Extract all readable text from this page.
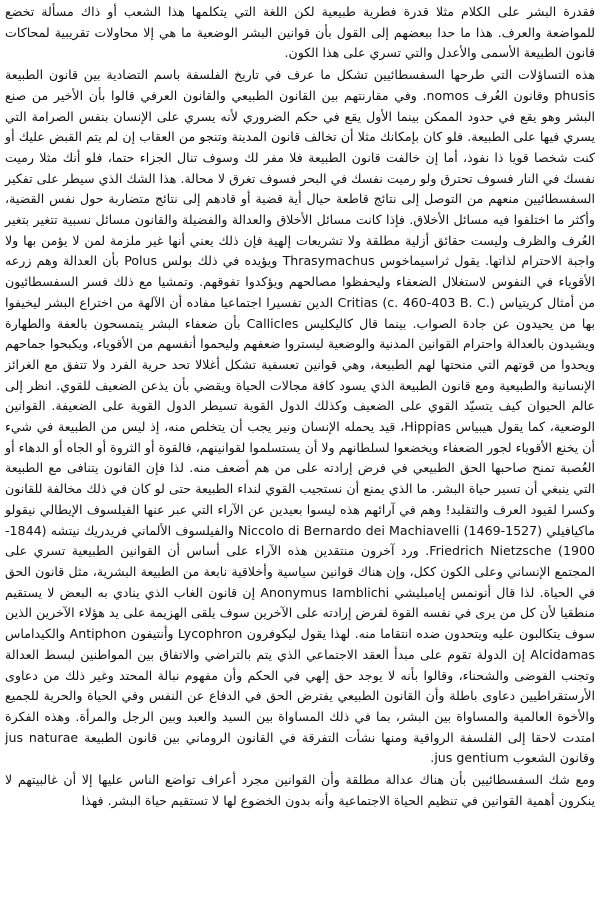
فقدرة البشر على الكلام مثلا قدرة فطرية طبيعية لكن اللغة التي يتكلمها هذا الشعب أو ذاك مسألة تخضع للمواضعة والعرف. هذا ما حدا ببعضهم إلى القول بأن قوانين البشر الوضعية ما هي إلا محاولات تقريبية لمحاكات قانون الطبيعة الأسمى والأعدل والتي تسري على هذا الكون.

هذه التساؤلات التي طرحها السفسطائيين تشكل ما عرف في تاريخ الفلسفة باسم التضادية بين قانون الطبيعة phusis وقانون العُرف nomos. وفي مقارنتهم بين القانون الطبيعي والقانون العرفي قالوا بأن الأخير من صنع البشر وهو يقع في حدود الممكن بينما الأول يقع في حكم الضروري لأنه يسري على الإنسان بنفس الصرامة التي يسري فيها على الطبيعة. فلو كان بإمكانك مثلا أن تخالف قانون المدينة وتنجو من العقاب إن لم يتم القبض عليك أو كنت شخصا قويا ذا نفوذ، أما إن خالفت قانون الطبيعة فلا مفر لك وسوف تنال الجزاء حتما، فلو أنك مثلا رميت نفسك في النار فسوف تحترق ولو رميت نفسك في البحر فسوف تغرق لا محالة. هذا الشك الذي سيطر على تفكير السفسطائيين منعهم من التوصل إلى نتائج قاطعة حيال أية قضية أو قادهم إلى نتائج متضاربة حول نفس القضية، وأكثر ما اختلفوا فيه مسائل الأخلاق. فإذا كانت مسائل الأخلاق والعدالة والفضيلة والقانون مسائل نسبية تتغير بتغير العُرف والظرف وليست حقائق أزلية مطلقة ولا تشريعات إلهية فإن ذلك يعني أنها غير ملزمة لمن لا يؤمن بها ولا واجبة الاحترام لذاتها. يقول ثراسيماخوس Thrasymachus ويؤيده في ذلك بولس Polus بأن العدالة وهم زرعه الأقوياء في النفوس لاستغلال الضعفاء وليحفظوا مصالحهم ويؤكدوا تفوقهم. وتمشيا مع ذلك فسر السفسطائيون من أمثال كريتياس Critias (c. 460-403 B. C.) الدين تفسيرا اجتماعيا مفاده أن الآلهة من اختراع البشر ليخيفوا بها من يحيدون عن جادة الصواب. بينما قال كاليكليس Callicles بأن ضعفاء البشر يتمسحون بالعفة والطهارة ويشيدون بالعدالة واحترام القوانين المدنية والوضعية ليستروا ضعفهم وليحموا أنفسهم من الأقوياء، ويكبحوا جماحهم ويحدوا من قوتهم التي منحتها لهم الطبيعة، وهي قوانين تعسفية تشكل أغلالا تحد حرية الفرد ولا تتفق مع الغرائز الإنسانية والطبيعية ومع قانون الطبيعة الذي يسود كافة مجالات الحياة ويقضي بأن يذعن الضعيف للقوي. انظر إلى عالم الحيوان كيف يتسيّد القوي على الضعيف وكذلك الدول القوية تسيطر الدول القوية على الضعيفة. القوانين الوضعية، كما يقول هيبياس Hippias، قيد يحمله الإنسان ونير يجب أن يتخلص منه، إذ ليس من الطبيعة في شيء أن يخنع الأقوياء لجور الضعفاء ويخضعوا لسلطانهم ولا أن يستسلموا لقوانينهم، فالقوة أو الثروة أو الجاه أو الدهاء أو العُصبة تمنح صاحبها الحق الطبيعي في فرض إرادته على من هم أضعف منه. لذا فإن القانون يتنافى مع الطبيعة التي ينبغي أن تسير حياة البشر. ما الذي يمنع أن نستجيب القوي لنداء الطبيعة حتى لو كان في ذلك مخالفة للقانون وكسرا لقيود العرف والتقليد! وهم في آرائهم هذه ليسوا بعيدين عن الآراء التي عبر عنها الفيلسوف الإيطالي نيقولو ماكيافيلي Niccolo di Bernardo dei Machiavelli (1469-1527) والفيلسوف الألماني فريدريك نيتشه (1844-1900) Friedrich Nietzsche. ورد آخرون منتقدين هذه الآراء على أساس أن القوانين الطبيعية تسري على المجتمع الإنساني وعلى الكون ككل، وإن هناك قوانين سياسية وأخلاقية نابعة من الطبيعة البشرية، مثل قانون الحق في الحياة. لذا قال أنونمس إيامبليشي Anonymus Iamblichi إن قانون الغاب الذي ينادي به البعض لا يستقيم منطقيا لأن كل من يرى في نفسه القوة لفرض إرادته على الآخرين سوف يلقى الهزيمة على يد هؤلاء الآخرين الذين سوف يتكالبون عليه ويتحدون ضده انتقاما منه. لهذا يقول ليكوفرون Lycophron وأنتيفون Antiphon والكيداماس Alcidamas إن الدولة تقوم على مبدأ العقد الاجتماعي الذي يتم بالتراضي والاتفاق بين المواطنين لبسط العدالة وتجنب الفوضى والشحناء، وقالوا بأنه لا يوجد حق إلهي في الحكم وأن مفهوم نبالة المحتد وغير ذلك من دعاوى الأرستقراطيين دعاوى باطلة وأن القانون الطبيعي يفترض الحق في الدفاع عن النفس وفي الحياة والحرية للجميع والأخوة العالمية والمساواة بين البشر، بما في ذلك المساواة بين السيد والعبد وبين الرجل والمرأة. وهذه الفكرة امتدت لاحقا إلى الفلسفة الرواقية ومنها نشأت التفرقة في القانون الروماني بين قانون الطبيعة jus naturae وقانون الشعوب jus gentium.

ومع شك السفسطائيين بأن هناك عدالة مطلقة وأن القوانين مجرد أعراف تواضع الناس عليها إلا أن غالبيتهم لا ينكرون أهمية القوانين في تنظيم الحياة الاجتماعية وأنه بدون الخضوع لها لا تستقيم حياة البشر. فهذا
